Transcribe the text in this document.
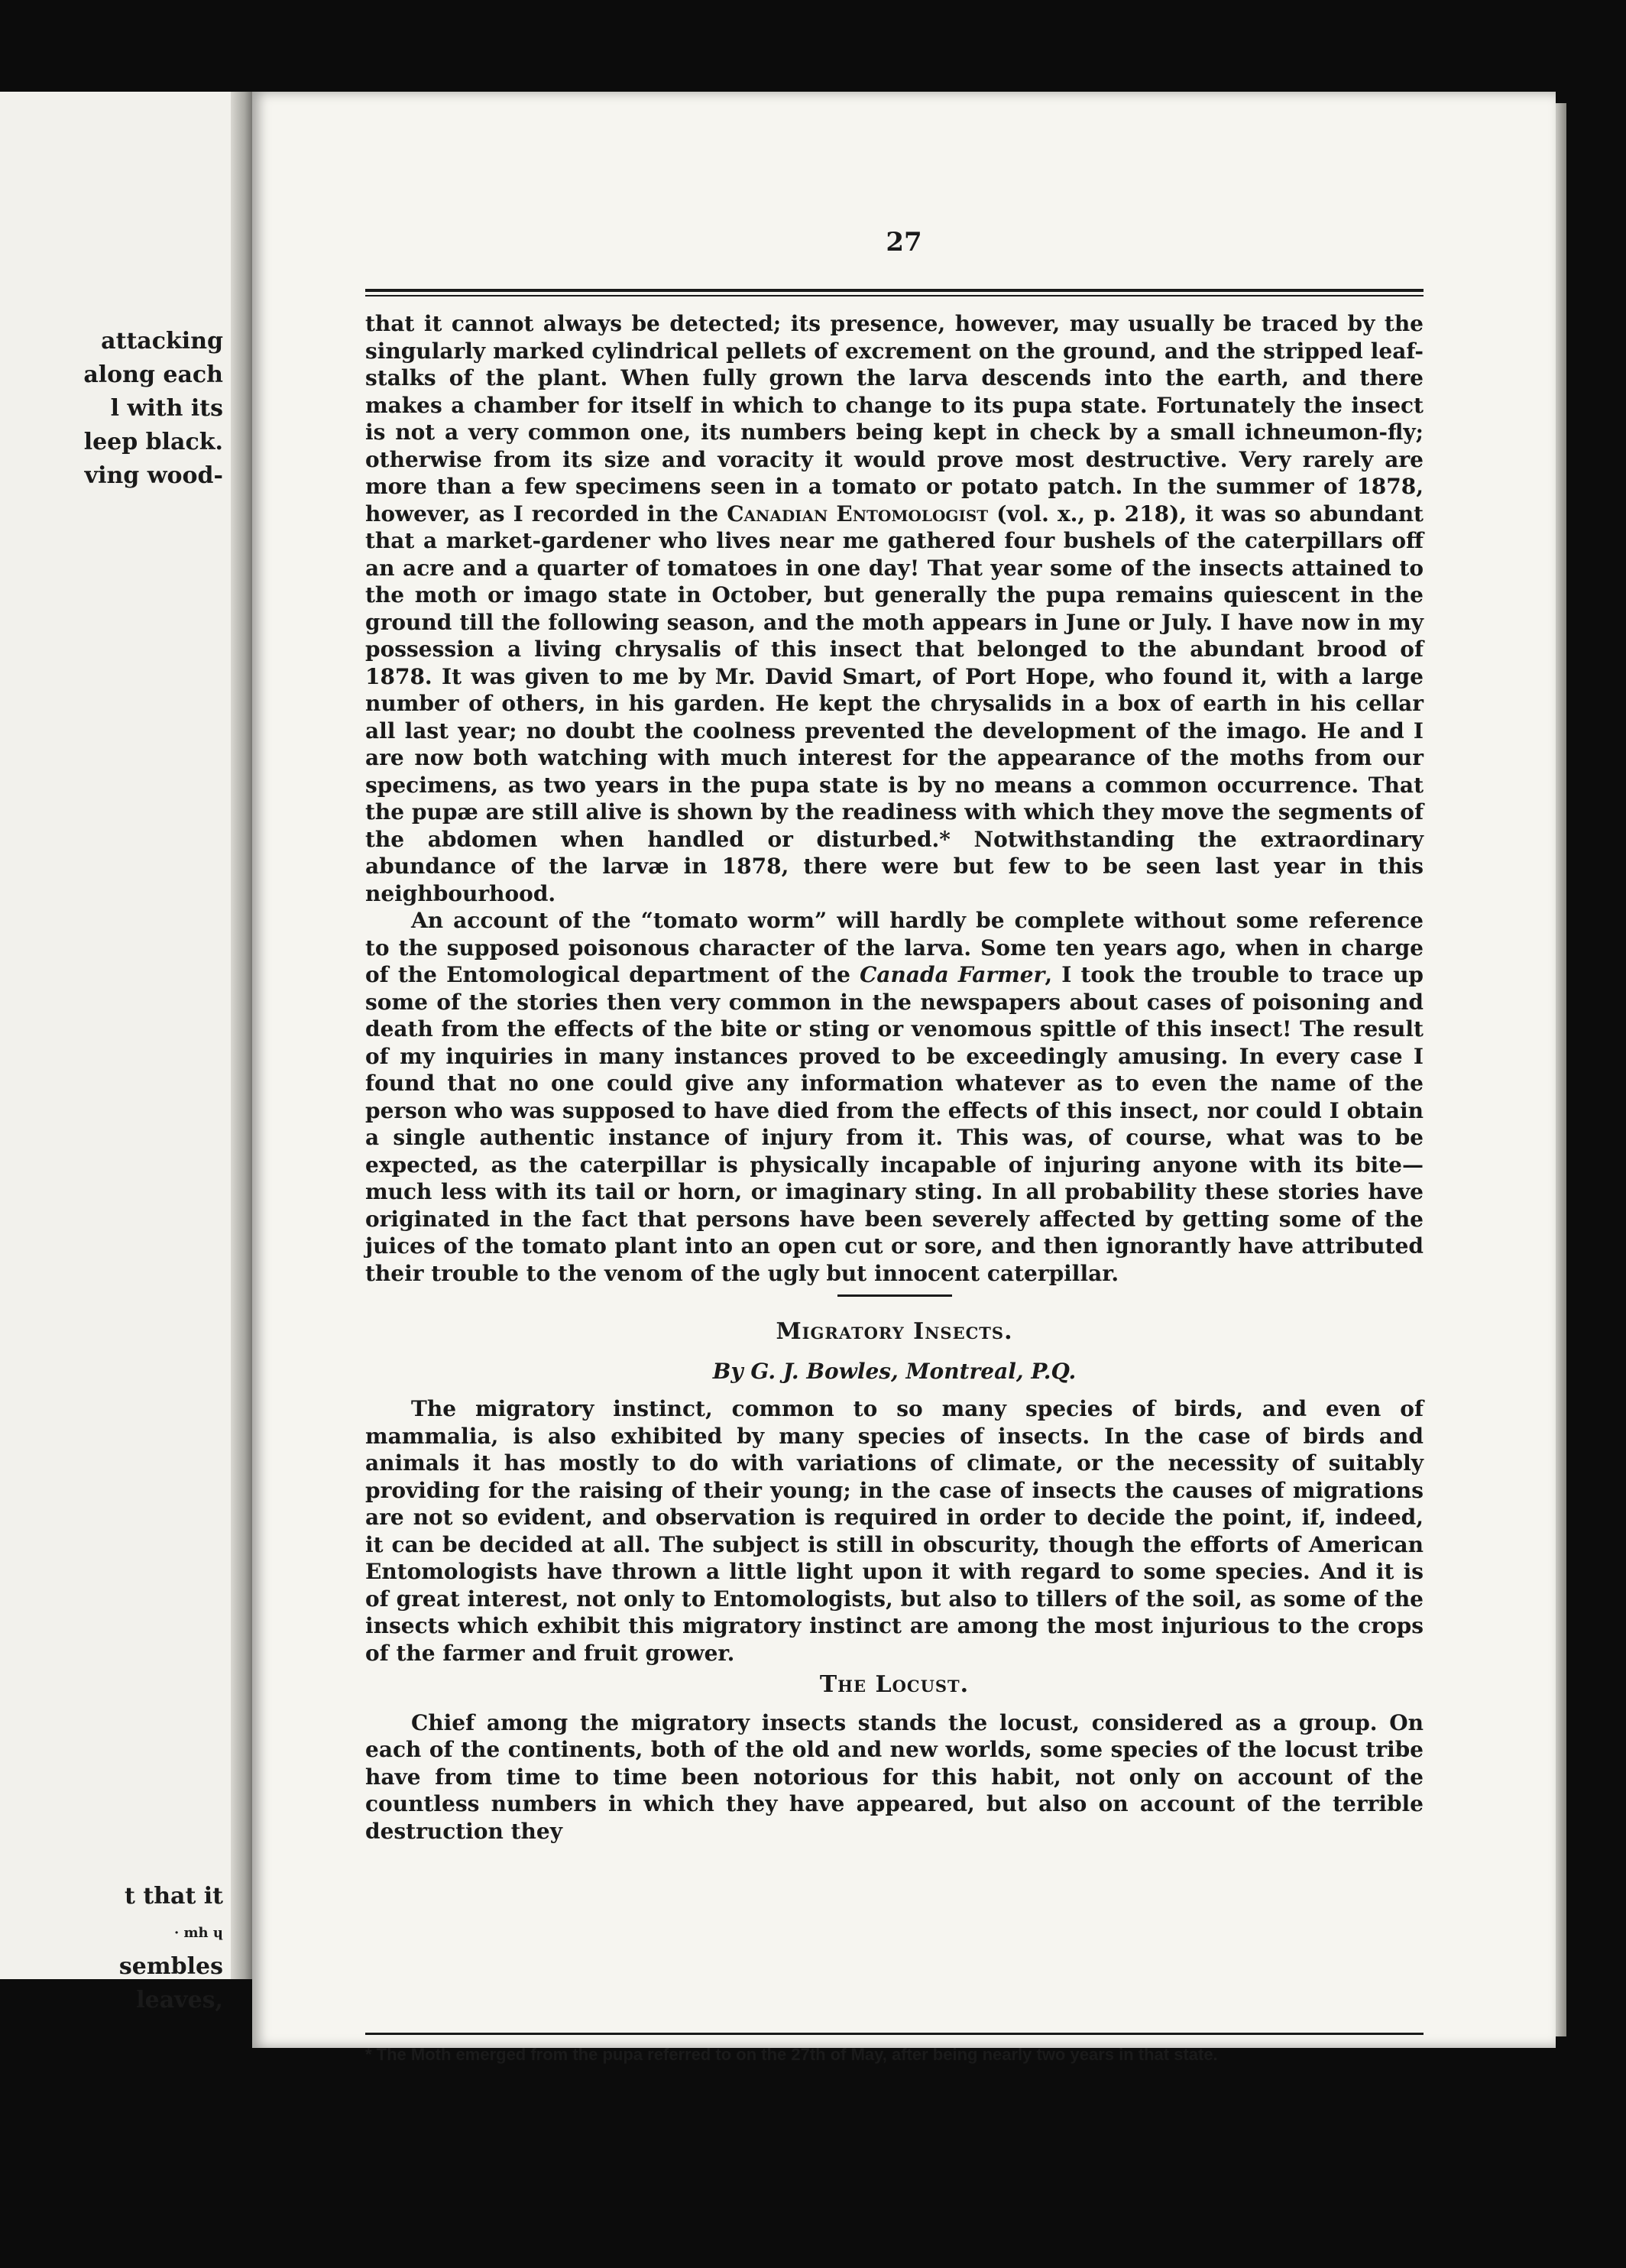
attacking
along each
l with its
leep black.
ving wood-

t that it
· mh ɥ
sembles
leaves,

27

that it cannot always be detected; its presence, however, may usually be traced by the singularly marked cylindrical pellets of excrement on the ground, and the stripped leaf-stalks of the plant. When fully grown the larva descends into the earth, and there makes a chamber for itself in which to change to its pupa state. Fortunately the insect is not a very common one, its numbers being kept in check by a small ichneumon-fly; otherwise from its size and voracity it would prove most destructive. Very rarely are more than a few specimens seen in a tomato or potato patch. In the summer of 1878, however, as I recorded in the Canadian Entomologist (vol. x., p. 218), it was so abundant that a market-gardener who lives near me gathered four bushels of the caterpillars off an acre and a quarter of tomatoes in one day! That year some of the insects attained to the moth or imago state in October, but generally the pupa remains quiescent in the ground till the following season, and the moth appears in June or July. I have now in my possession a living chrysalis of this insect that belonged to the abundant brood of 1878. It was given to me by Mr. David Smart, of Port Hope, who found it, with a large number of others, in his garden. He kept the chrysalids in a box of earth in his cellar all last year; no doubt the coolness prevented the development of the imago. He and I are now both watching with much interest for the appearance of the moths from our specimens, as two years in the pupa state is by no means a common occurrence. That the pupæ are still alive is shown by the readiness with which they move the segments of the abdomen when handled or disturbed.* Notwithstanding the extraordinary abundance of the larvæ in 1878, there were but few to be seen last year in this neighbourhood.

An account of the “tomato worm” will hardly be complete without some reference to the supposed poisonous character of the larva. Some ten years ago, when in charge of the Entomological department of the Canada Farmer, I took the trouble to trace up some of the stories then very common in the newspapers about cases of poisoning and death from the effects of the bite or sting or venomous spittle of this insect! The result of my inquiries in many instances proved to be exceedingly amusing. In every case I found that no one could give any information whatever as to even the name of the person who was supposed to have died from the effects of this insect, nor could I obtain a single authentic instance of injury from it. This was, of course, what was to be expected, as the caterpillar is physically incapable of injuring anyone with its bite—much less with its tail or horn, or imaginary sting. In all probability these stories have originated in the fact that persons have been severely affected by getting some of the juices of the tomato plant into an open cut or sore, and then ignorantly have attributed their trouble to the venom of the ugly but innocent caterpillar.

Migratory Insects.

By G. J. Bowles, Montreal, P.Q.

The migratory instinct, common to so many species of birds, and even of mammalia, is also exhibited by many species of insects. In the case of birds and animals it has mostly to do with variations of climate, or the necessity of suitably providing for the raising of their young; in the case of insects the causes of migrations are not so evident, and observation is required in order to decide the point, if, indeed, it can be decided at all. The subject is still in obscurity, though the efforts of American Entomologists have thrown a little light upon it with regard to some species. And it is of great interest, not only to Entomologists, but also to tillers of the soil, as some of the insects which exhibit this migratory instinct are among the most injurious to the crops of the farmer and fruit grower.

The Locust.

Chief among the migratory insects stands the locust, considered as a group. On each of the continents, both of the old and new worlds, some species of the locust tribe have from time to time been notorious for this habit, not only on account of the countless numbers in which they have appeared, but also on account of the terrible destruction they

* The Moth emerged from the pupa referred to on the 27th of May, after being nearly two years in that state.
